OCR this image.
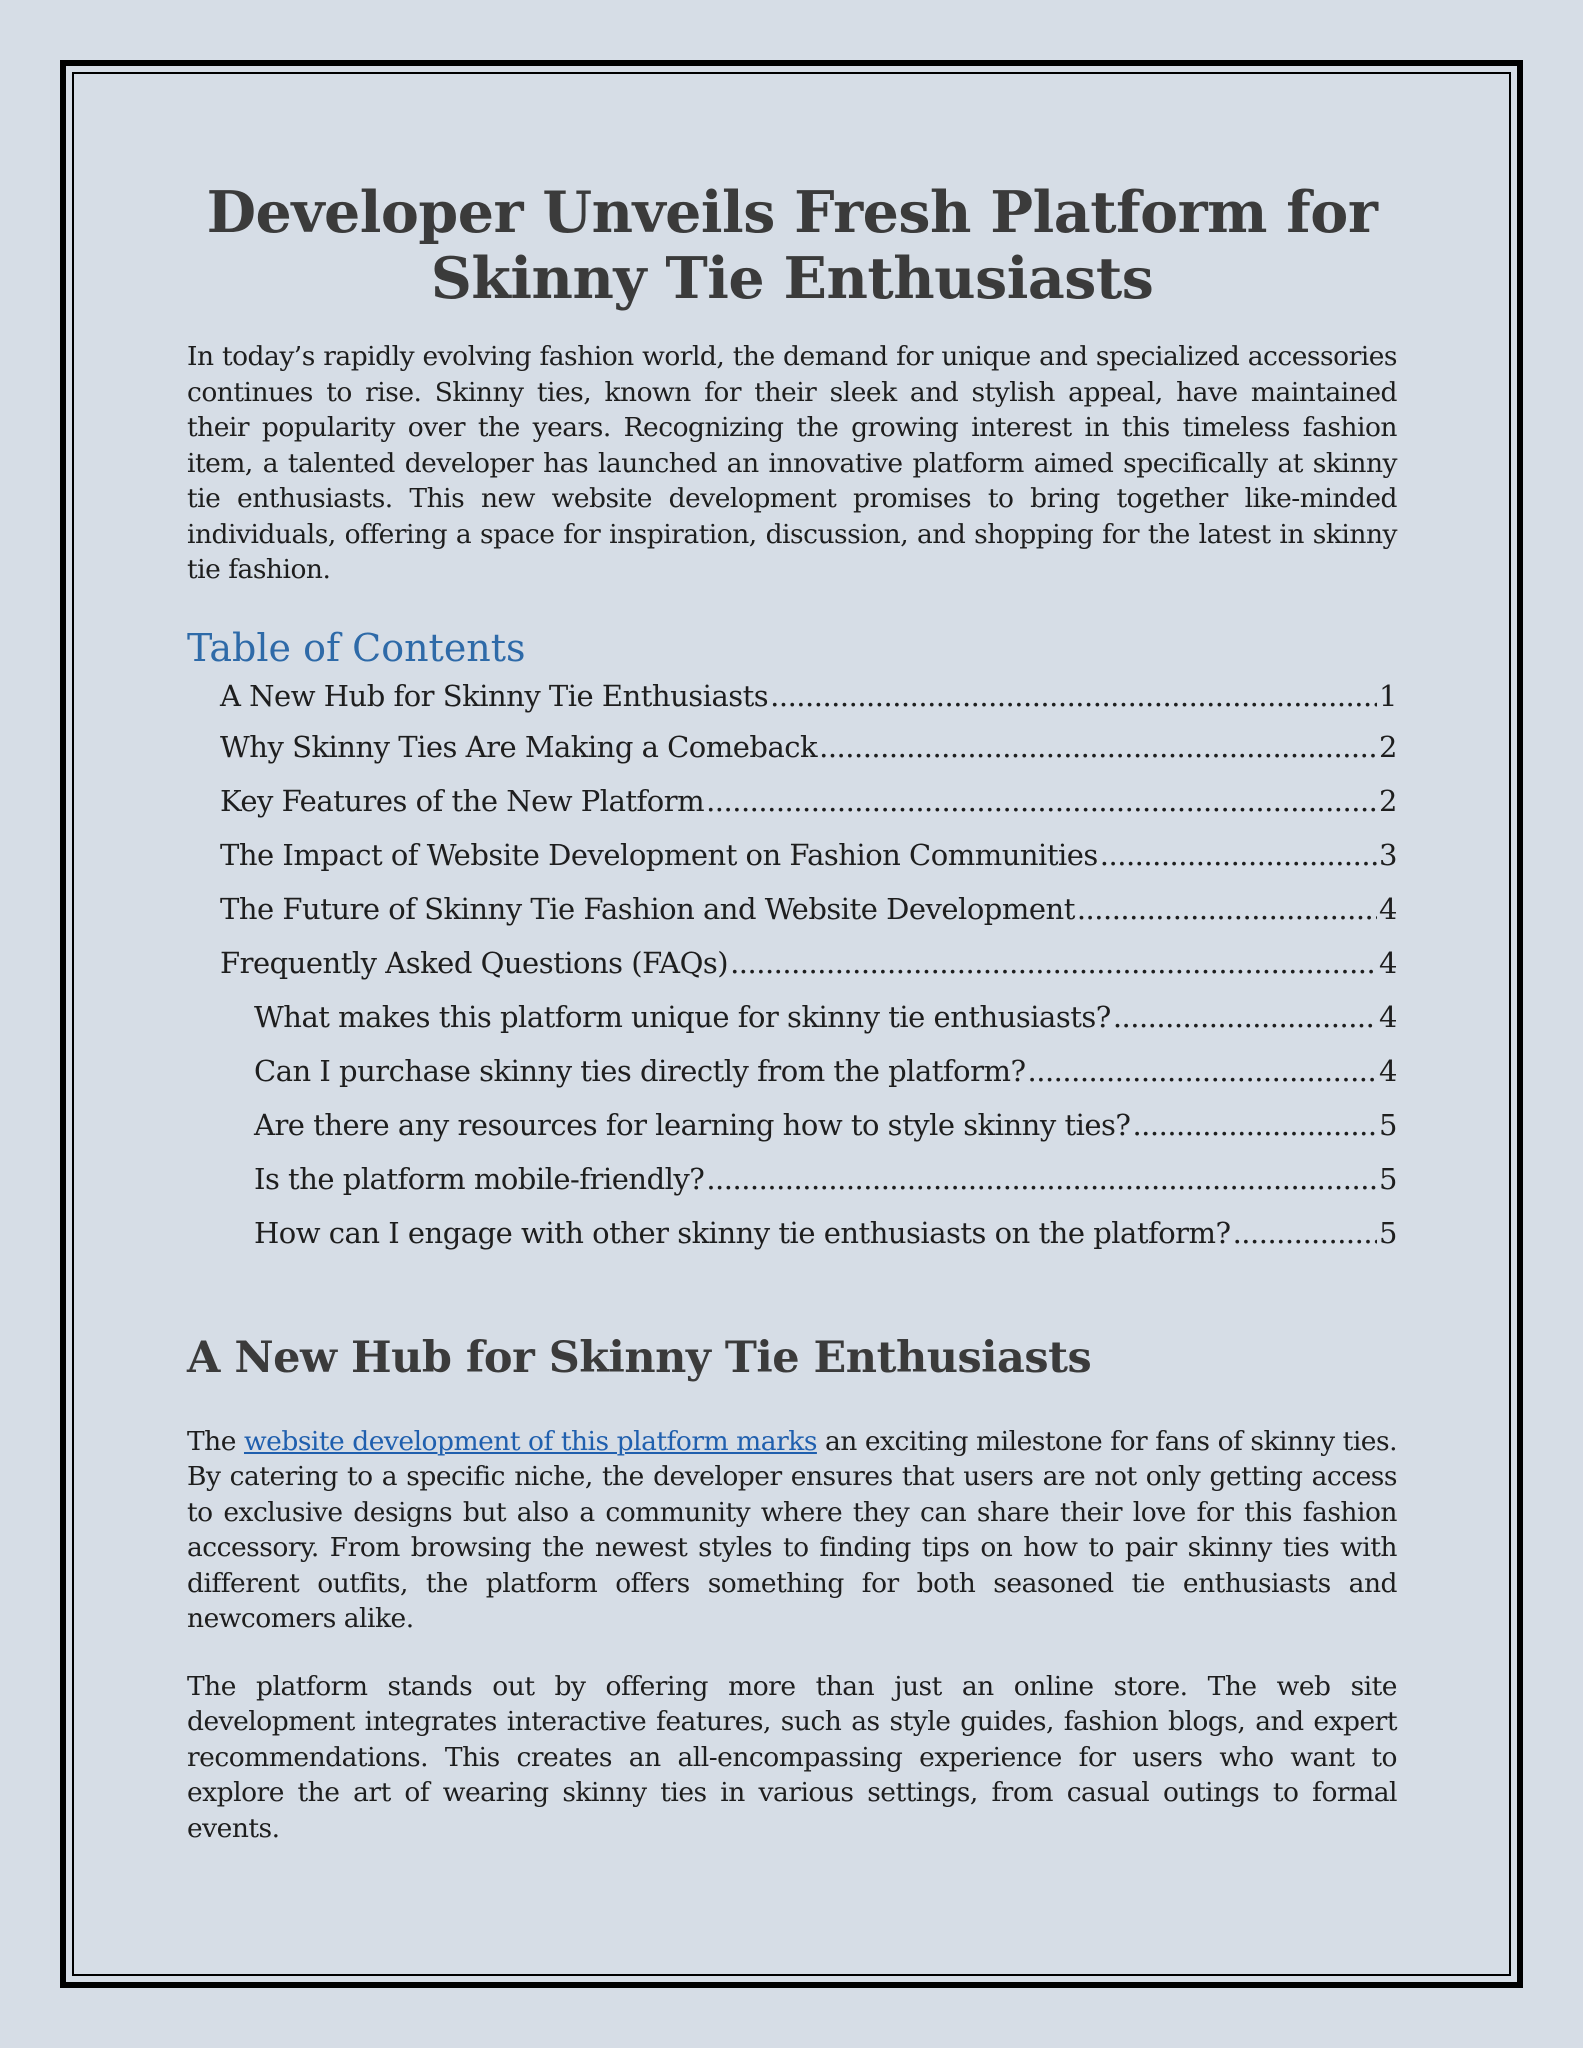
Developer Unveils Fresh Platform for Skinny Tie Enthusiasts

In today’s rapidly evolving fashion world, the demand for unique and specialized accessories continues to rise. Skinny ties, known for their sleek and stylish appeal, have maintained their popularity over the years. Recognizing the growing interest in this timeless fashion item, a talented developer has launched an innovative platform aimed specifically at skinny tie enthusiasts. This new website development promises to bring together like-minded individuals, offering a space for inspiration, discussion, and shopping for the latest in skinny tie fashion.

Table of Contents
A New Hub for Skinny Tie Enthusiasts .....	1
Why Skinny Ties Are Making a Comeback .....	2
Key Features of the New Platform .....	2
The Impact of Website Development on Fashion Communities .....	3
The Future of Skinny Tie Fashion and Website Development .....	4
Frequently Asked Questions (FAQs) .....	4
What makes this platform unique for skinny tie enthusiasts? .....	4
Can I purchase skinny ties directly from the platform? .....	4
Are there any resources for learning how to style skinny ties? .....	5
Is the platform mobile-friendly? .....	5
How can I engage with other skinny tie enthusiasts on the platform? .....	5
A New Hub for Skinny Tie Enthusiasts

The website development of this platform marks an exciting milestone for fans of skinny ties. By catering to a specific niche, the developer ensures that users are not only getting access to exclusive designs but also a community where they can share their love for this fashion accessory. From browsing the newest styles to finding tips on how to pair skinny ties with different outfits, the platform offers something for both seasoned tie enthusiasts and newcomers alike.

The platform stands out by offering more than just an online store. The web site development integrates interactive features, such as style guides, fashion blogs, and expert recommendations. This creates an all-encompassing experience for users who want to explore the art of wearing skinny ties in various settings, from casual outings to formal events.
